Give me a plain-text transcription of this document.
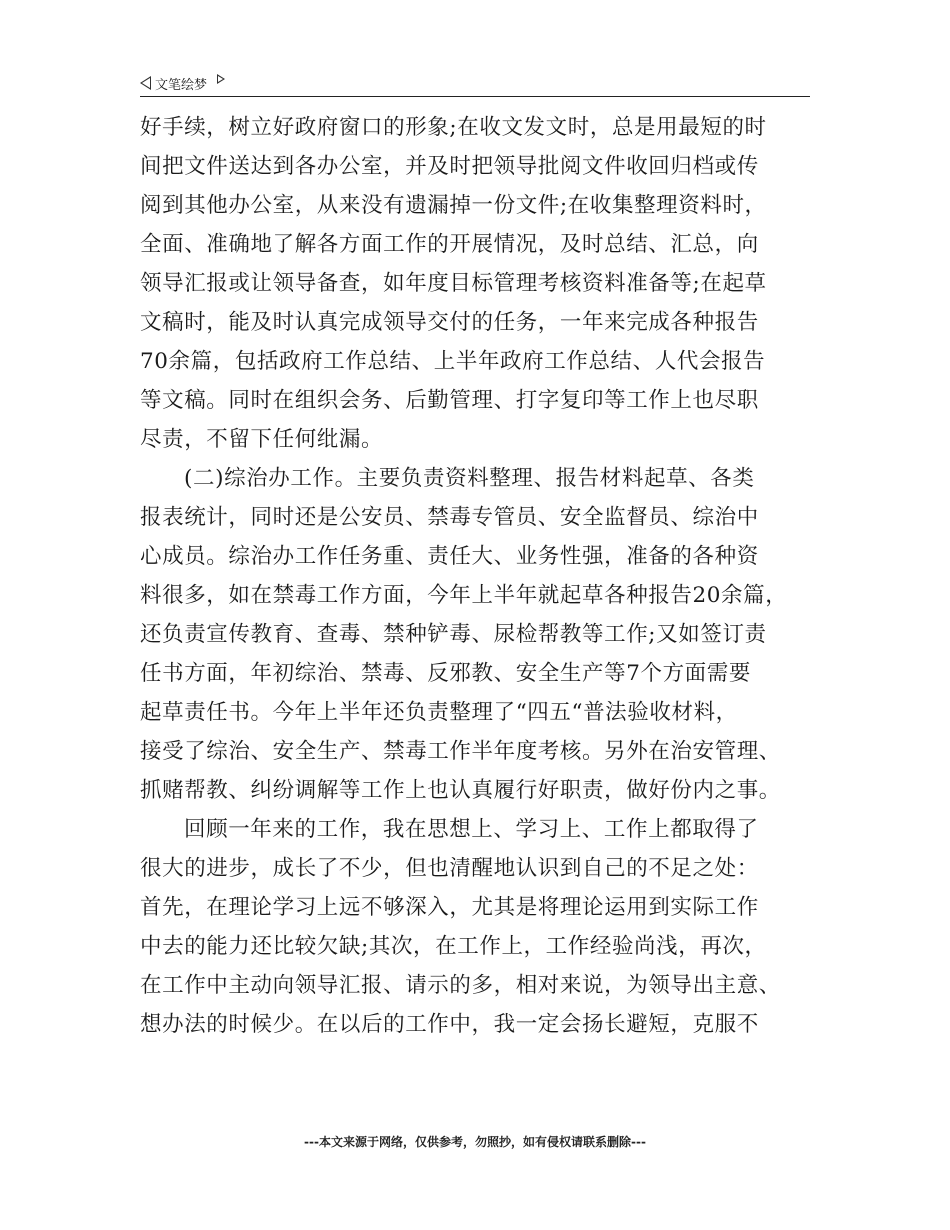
文笔绘梦
好手续，树立好政府窗口的形象;在收文发文时，总是用最短的时
间把文件送达到各办公室，并及时把领导批阅文件收回归档或传
阅到其他办公室，从来没有遗漏掉一份文件;在收集整理资料时，
全面、准确地了解各方面工作的开展情况，及时总结、汇总，向
领导汇报或让领导备查，如年度目标管理考核资料准备等;在起草
文稿时，能及时认真完成领导交付的任务，一年来完成各种报告
70余篇，包括政府工作总结、上半年政府工作总结、人代会报告
等文稿。同时在组织会务、后勤管理、打字复印等工作上也尽职
尽责，不留下任何纰漏。
(二)综治办工作。主要负责资料整理、报告材料起草、各类
报表统计，同时还是公安员、禁毒专管员、安全监督员、综治中
心成员。综治办工作任务重、责任大、业务性强，准备的各种资
料很多，如在禁毒工作方面，今年上半年就起草各种报告20余篇，
还负责宣传教育、查毒、禁种铲毒、尿检帮教等工作;又如签订责
任书方面，年初综治、禁毒、反邪教、安全生产等7个方面需要
起草责任书。今年上半年还负责整理了“四五“普法验收材料，
接受了综治、安全生产、禁毒工作半年度考核。另外在治安管理、
抓赌帮教、纠纷调解等工作上也认真履行好职责，做好份内之事。
回顾一年来的工作，我在思想上、学习上、工作上都取得了
很大的进步，成长了不少，但也清醒地认识到自己的不足之处：
首先，在理论学习上远不够深入，尤其是将理论运用到实际工作
中去的能力还比较欠缺;其次，在工作上，工作经验尚浅，再次，
在工作中主动向领导汇报、请示的多，相对来说，为领导出主意、
想办法的时候少。在以后的工作中，我一定会扬长避短，克服不
---本文来源于网络，仅供参考，勿照抄，如有侵权请联系删除---
